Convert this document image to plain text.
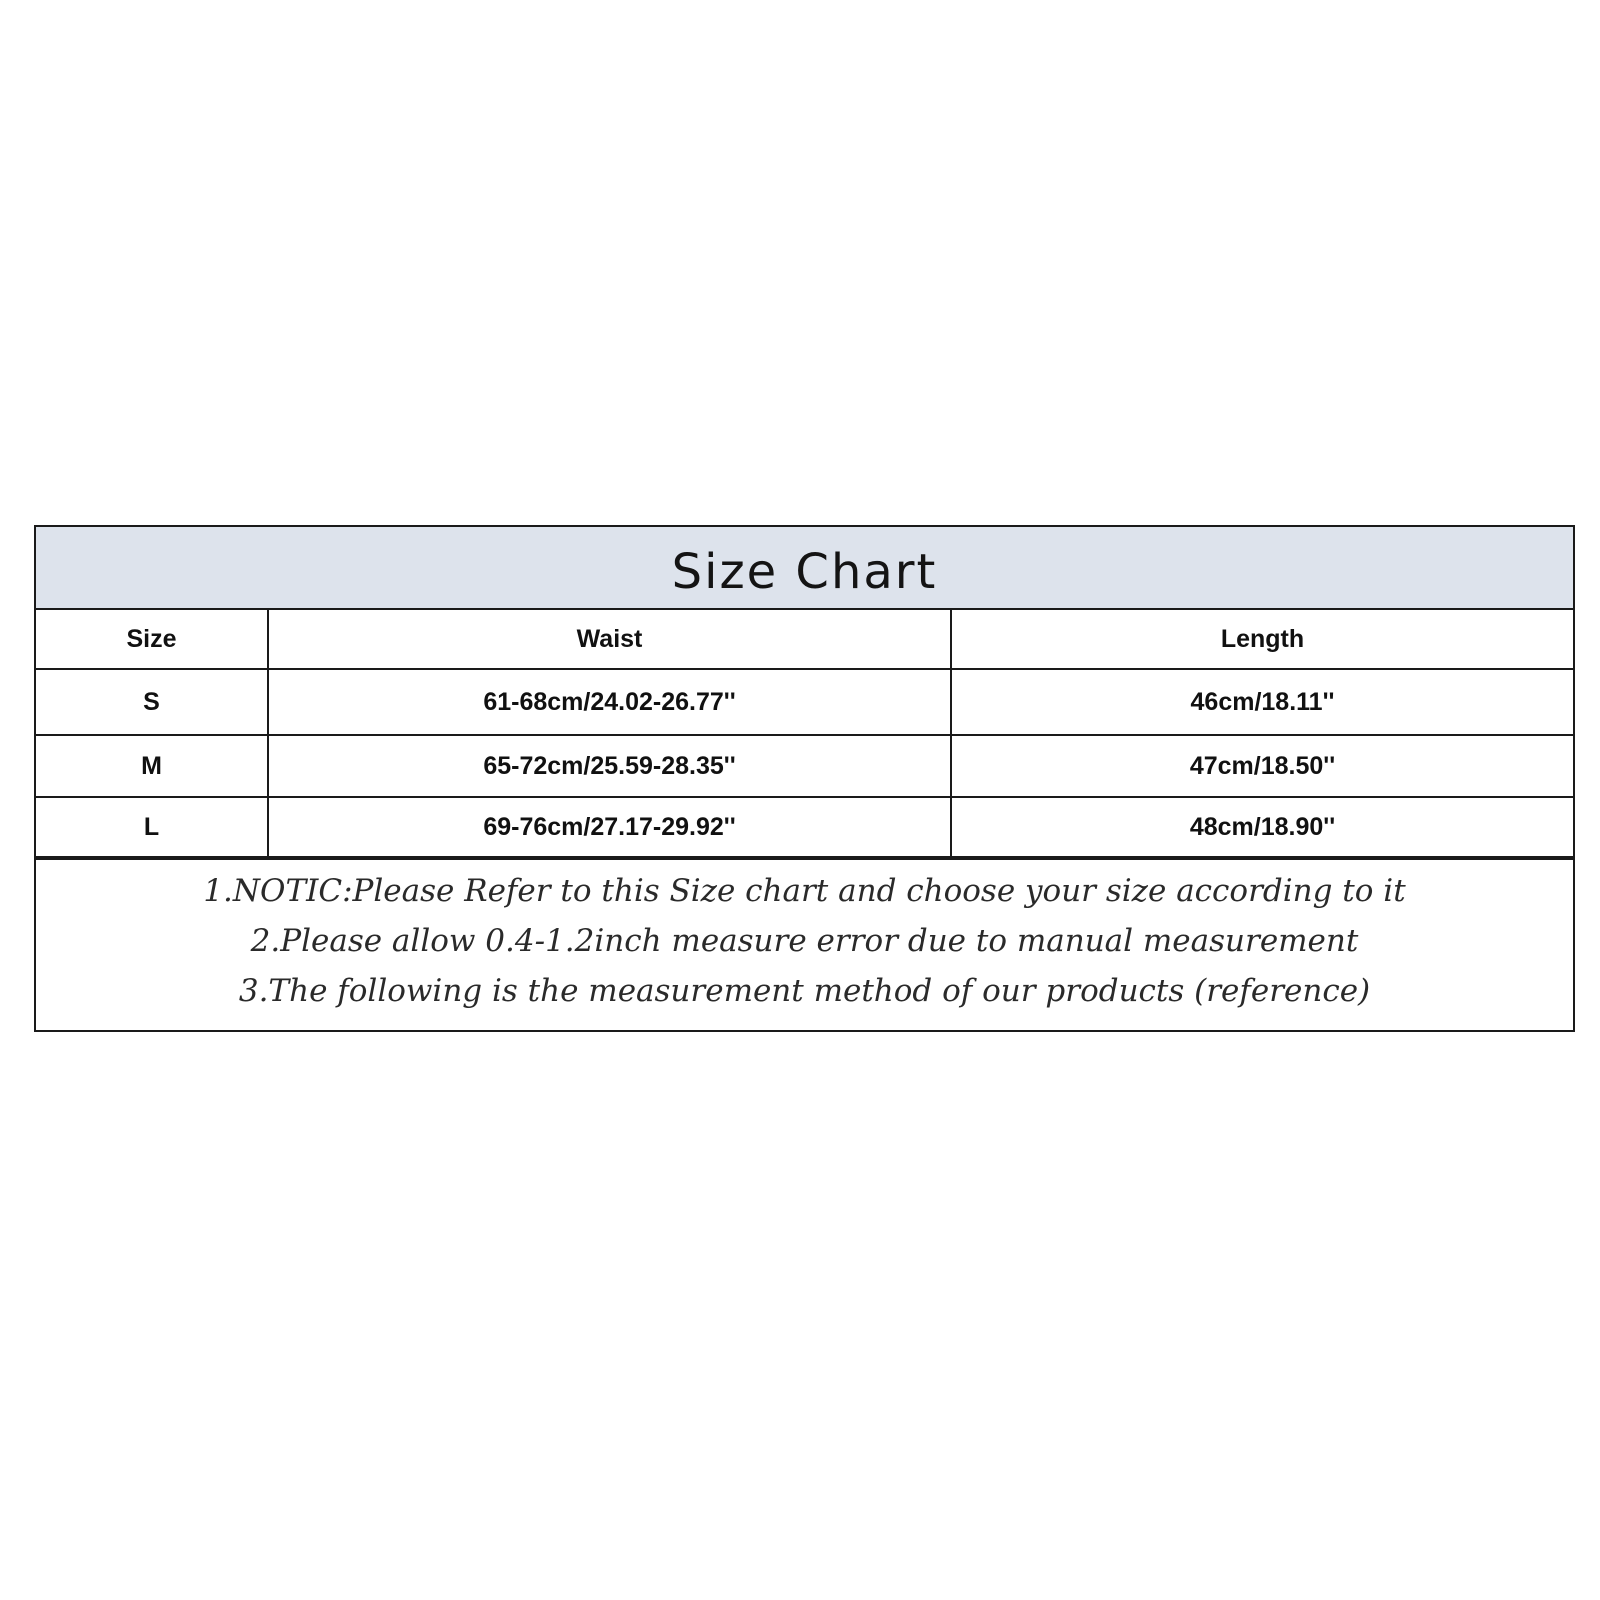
Size Chart
Size	Waist	Length
S	61-68cm/24.02-26.77''	46cm/18.11''
M	65-72cm/25.59-28.35''	47cm/18.50''
L	69-76cm/27.17-29.92''	48cm/18.90''
1.NOTIC:Please Refer to this Size chart and choose your size according to it
2.Please allow 0.4-1.2inch measure error due to manual measurement
3.The following is the measurement method of our products (reference)
